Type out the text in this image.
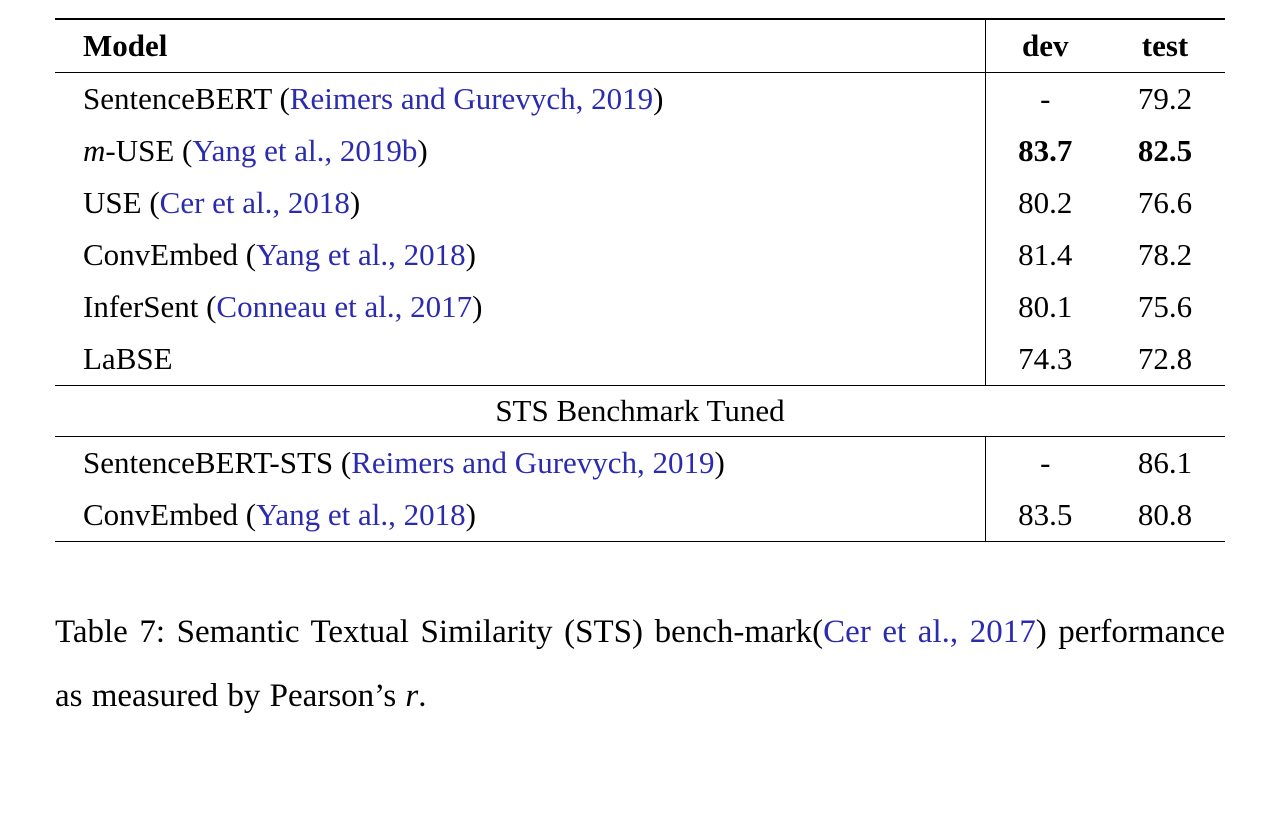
Model	dev	test
SentenceBERT (Reimers and Gurevych, 2019)	-	79.2
m-USE (Yang et al., 2019b)	83.7	82.5
USE (Cer et al., 2018)	80.2	76.6
ConvEmbed (Yang et al., 2018)	81.4	78.2
InferSent (Conneau et al., 2017)	80.1	75.6
LaBSE	74.3	72.8
STS Benchmark Tuned		
SentenceBERT-STS (Reimers and Gurevych, 2019)	-	86.1
ConvEmbed (Yang et al., 2018)	83.5	80.8

Table 7: Semantic Textual Similarity (STS) bench-mark(Cer et al., 2017) performance as measured by Pearson’s r.
